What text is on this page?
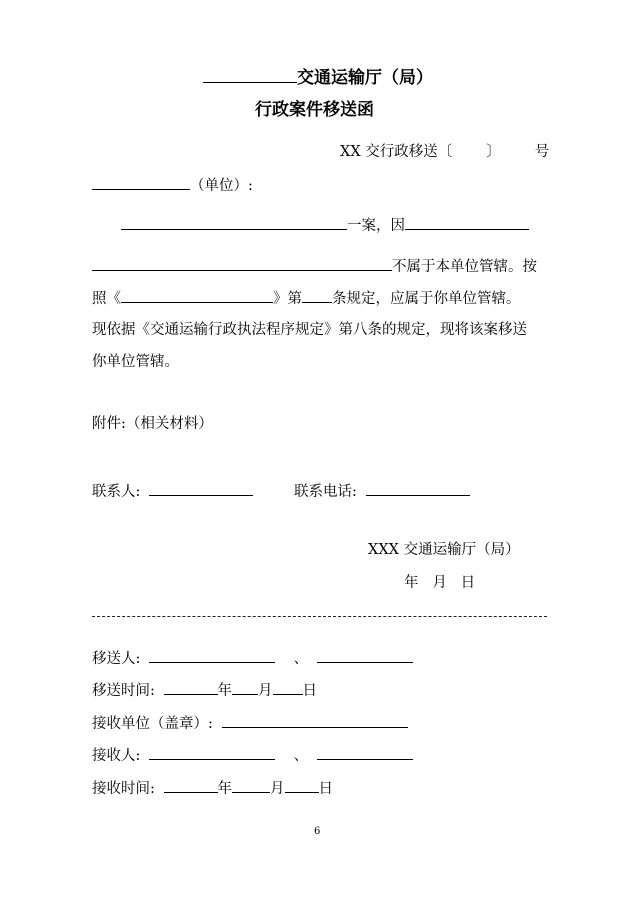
交通运输厅（局）
行政案件移送函
XX 交行政移送〔 〕 号
（单位）:
一案，因
不属于本单位管辖。按
照《	》第 条规定，应属于你单位管辖。
现依据《交通运输行政执法程序规定》第八条的规定，现将该案移送
你单位管辖。
附件:（相关材料）
联系人:	联系电话:
XXX 交通运输厅（局）
年   月   日
移送人:	、
移送时间:	年 月 日
接收单位（盖章）:
接收人:	、
接收时间:	年	月 日
6
